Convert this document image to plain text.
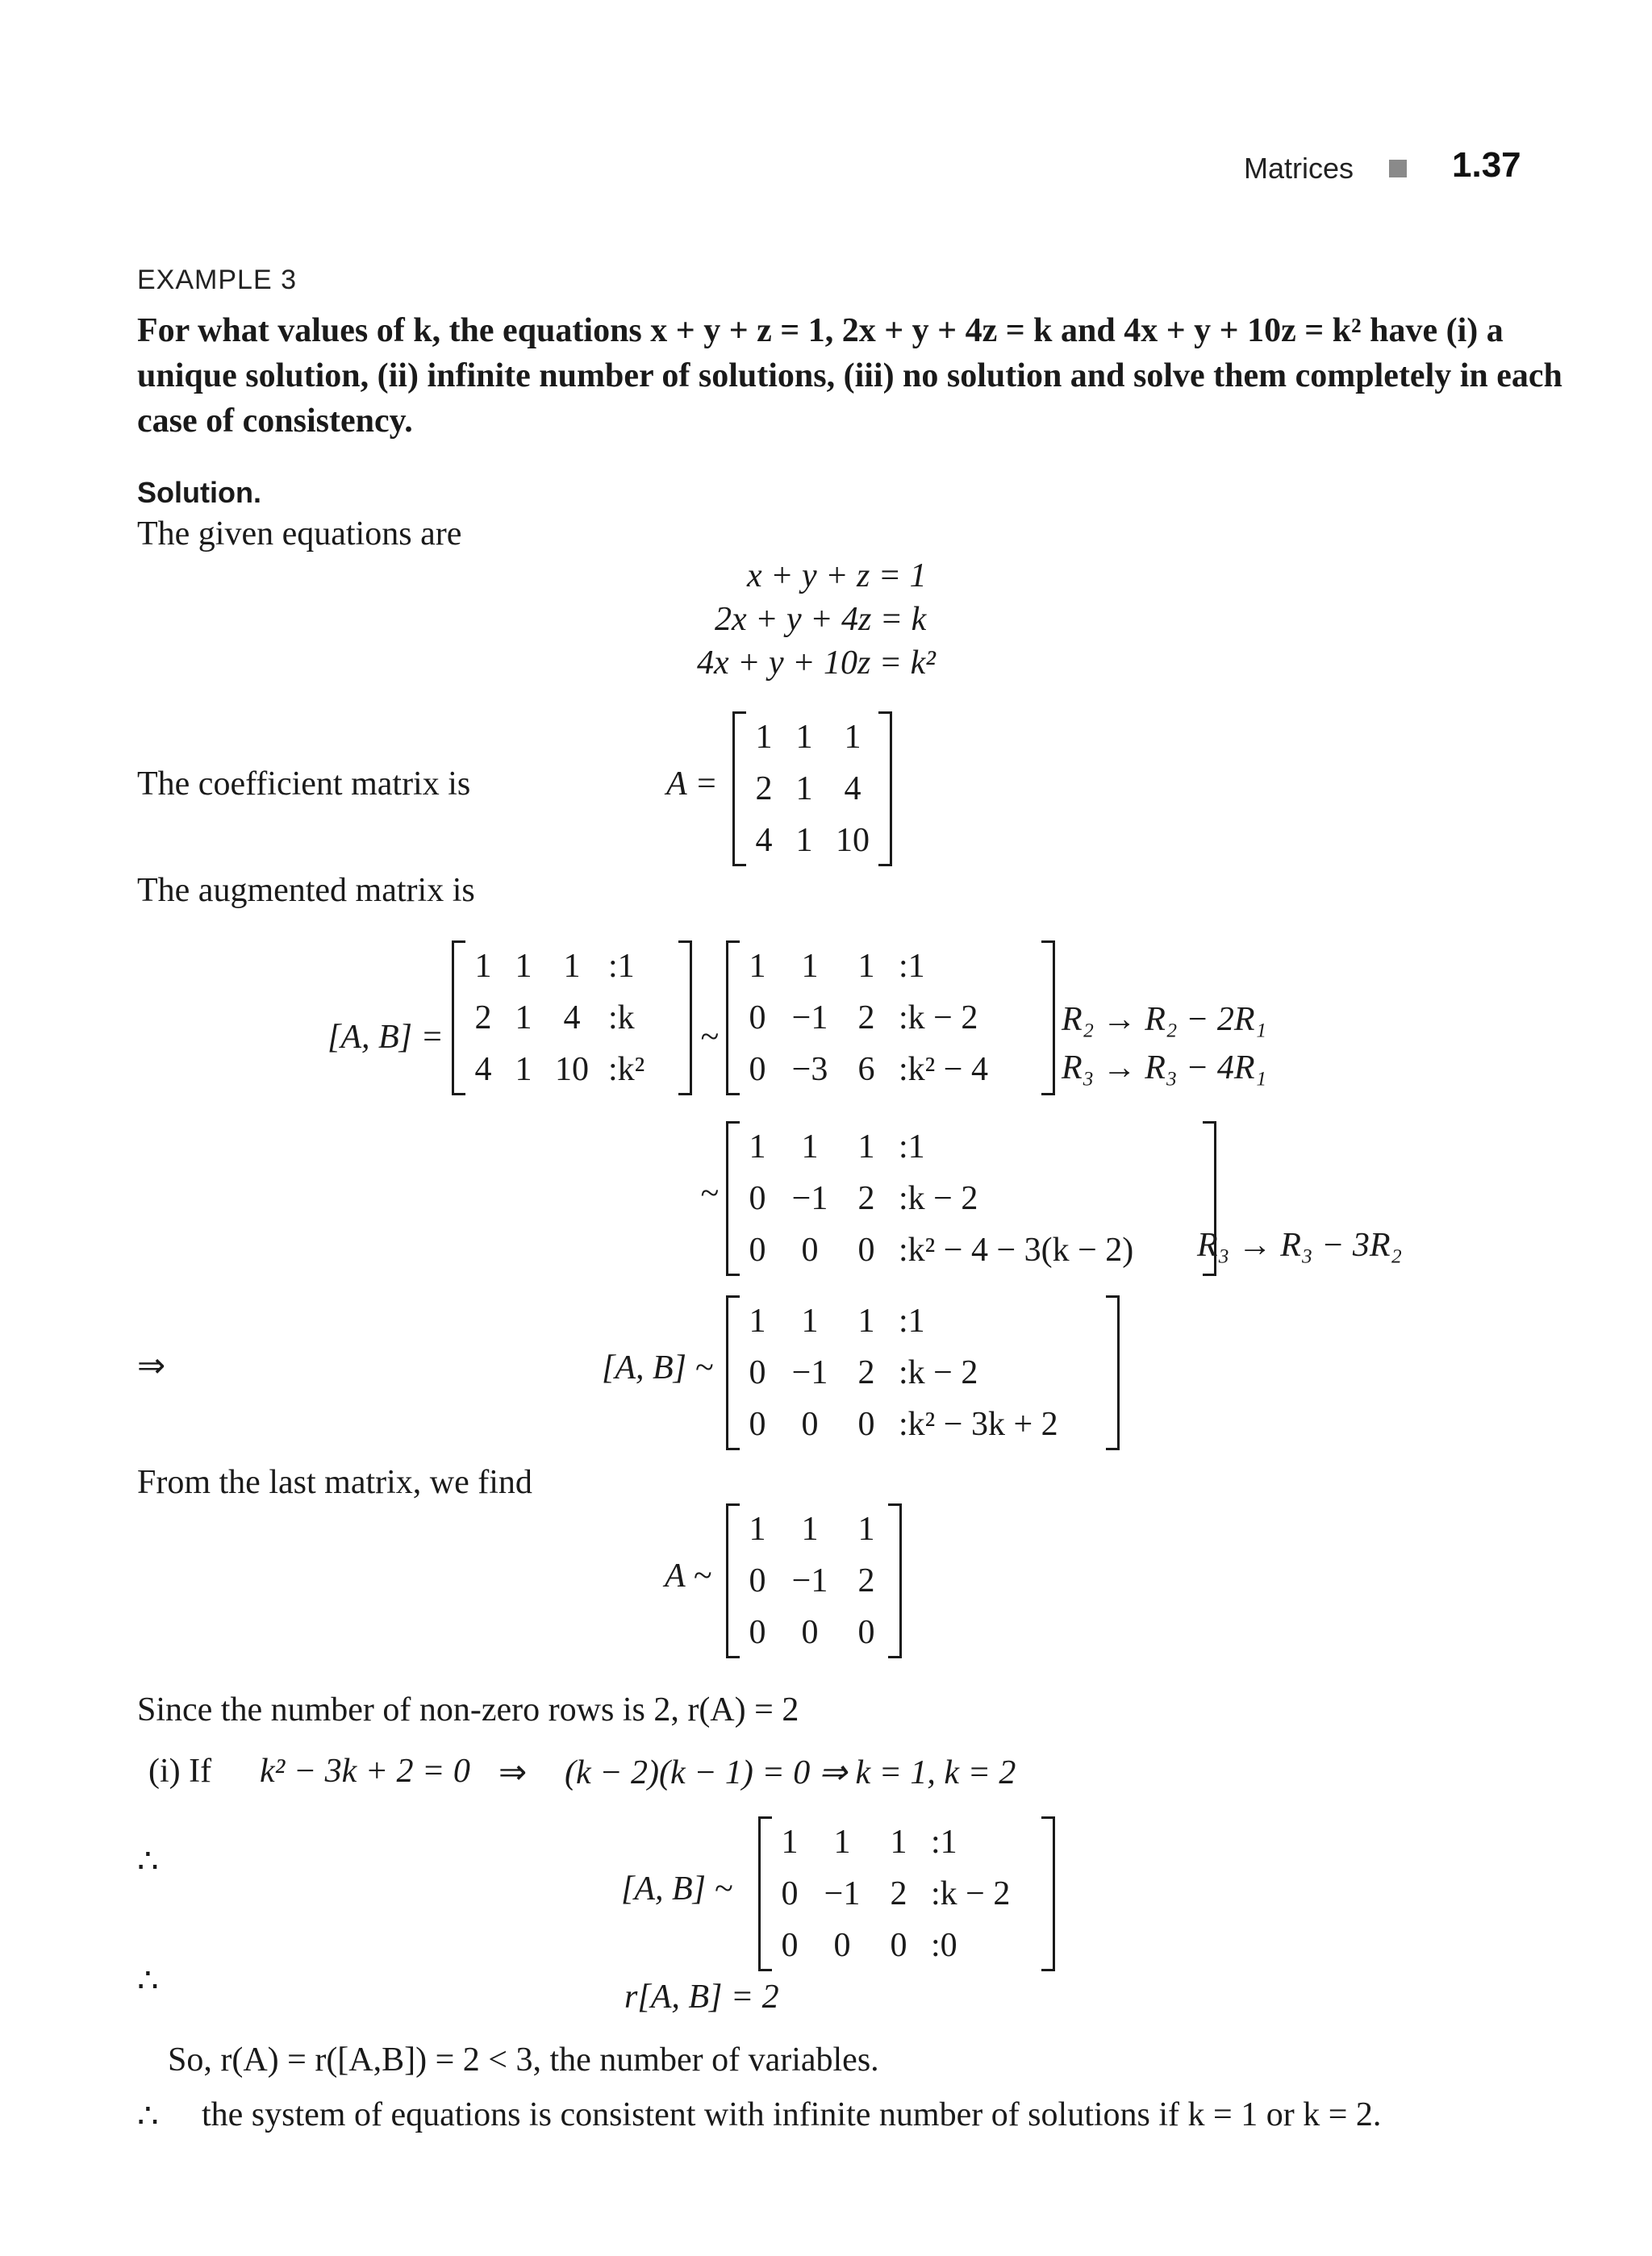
Matrices	1.37
EXAMPLE 3
For what values of k, the equations x + y + z = 1, 2x + y + 4z = k and 4x + y + 10z = k² have (i) a unique solution, (ii) infinite number of solutions, (iii) no solution and solve them completely in each case of consistency.
Solution.
The given equations are
x + y + z = 1
2x + y + 4z = k
4x + y + 10z = k²
The coefficient matrix is	A =
1	1	1
2	1	4
4	1	10
The augmented matrix is
[A, B] =
1	1	1	:1
2	1	4	:k
4	1	10	:k²
~
1	1	1	:1
0	−1	2	:k − 2
0	−3	6	:k² − 4
R₂ → R₂ − 2R₁
R₃ → R₃ − 4R₁
~
1	1	1	:1
0	−1	2	:k − 2
0	0	0	:k² − 4 − 3(k − 2) R₃ → R₃ − 3R₂
⇒	[A, B] ~
1	1	1	:1
0	−1	2	:k − 2
0	0	0	:k² − 3k + 2
From the last matrix, we find
A ~
1	1	1
0	−1	2
0	0	0
Since the number of non-zero rows is 2, r(A) = 2
(i) If k² − 3k + 2 = 0 ⇒ (k − 2)(k − 1) = 0 ⇒ k = 1, k = 2
∴
[A, B] ~
1	1	1	:1
0	−1	2	:k − 2
0	0	0	:0
∴	r[A, B] = 2
So, r(A) = r([A,B]) = 2 < 3, the number of variables.
∴ the system of equations is consistent with infinite number of solutions if k = 1 or k = 2.
